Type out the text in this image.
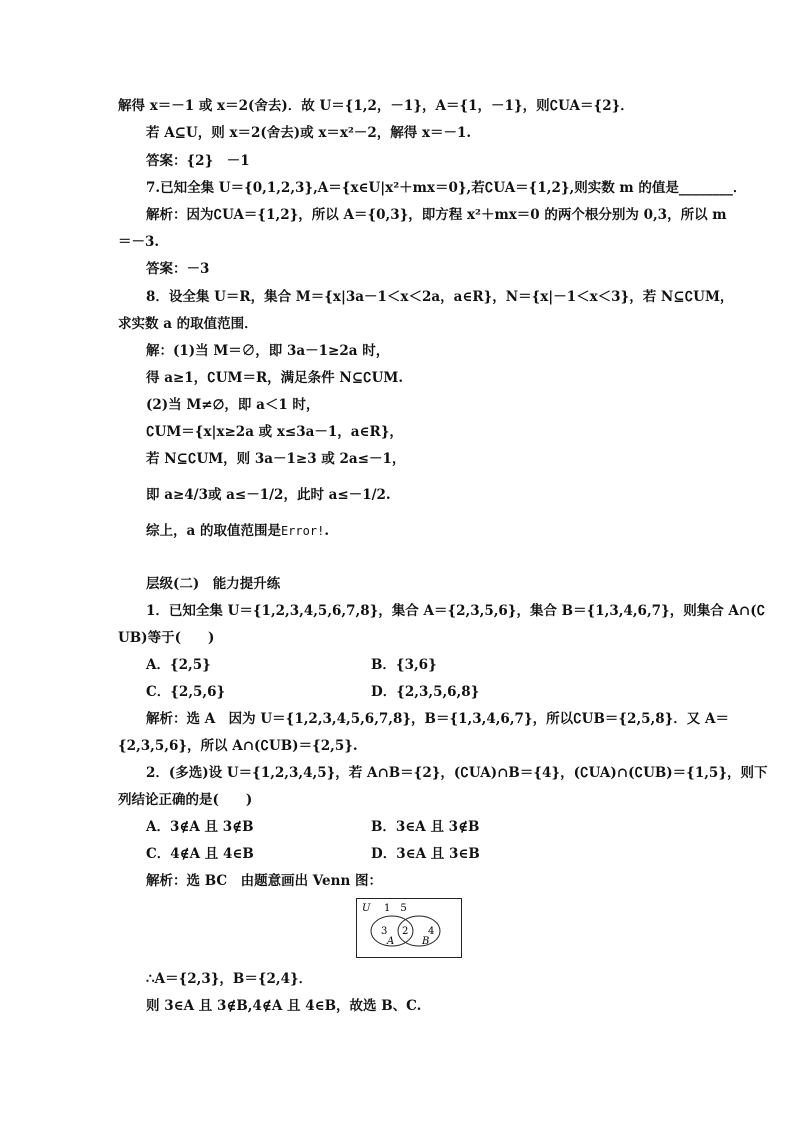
解得 x＝－1 或 x＝2(舍去)．故 U＝{1,2，－1}，A＝{1，－1}，则∁UA＝{2}．
若 A⊆U，则 x＝2(舍去)或 x＝x²－2，解得 x＝－1.
答案：{2}　－1
7.已知全集 U＝{0,1,2,3},A＝{x∈U|x²＋mx＝0},若∁UA＝{1,2},则实数 m 的值是________．
解析：因为∁UA＝{1,2}，所以 A＝{0,3}，即方程 x²＋mx＝0 的两个根分别为 0,3，所以 m
＝－3.
答案：－3
8．设全集 U＝R，集合 M＝{x|3a－1＜x＜2a，a∈R}，N＝{x|－1＜x＜3}，若 N⊆∁UM，
求实数 a 的取值范围．
解：(1)当 M＝∅，即 3a－1≥2a 时，
得 a≥1，∁UM＝R，满足条件 N⊆∁UM.
(2)当 M≠∅，即 a＜1 时，
∁UM＝{x|x≥2a 或 x≤3a－1，a∈R}，
若 N⊆∁UM，则 3a－1≥3 或 2a≤－1，
即 a≥4/3或 a≤－1/2，此时 a≤－1/2.
综上，a 的取值范围是Error!.
层级(二)　能力提升练
1．已知全集 U＝{1,2,3,4,5,6,7,8}，集合 A＝{2,3,5,6}，集合 B＝{1,3,4,6,7}，则集合 A∩(∁
UB)等于(　　)
A．{2,5}	B．{3,6}
C．{2,5,6}	D．{2,3,5,6,8}
解析：选 A　因为 U＝{1,2,3,4,5,6,7,8}，B＝{1,3,4,6,7}，所以∁UB＝{2,5,8}．又 A＝
{2,3,5,6}，所以 A∩(∁UB)＝{2,5}.
2．(多选)设 U＝{1,2,3,4,5}，若 A∩B＝{2}，(∁UA)∩B＝{4}，(∁UA)∩(∁UB)＝{1,5}，则下
列结论正确的是(　　)
A．3∉A 且 3∉B	B．3∈A 且 3∉B
C．4∉A 且 4∈B	D．3∈A 且 3∈B
解析：选 BC　由题意画出 Venn 图：
U 1　5
3 2 4
A	B
∴A＝{2,3}，B＝{2,4}．
则 3∈A 且 3∉B,4∉A 且 4∈B，故选 B、C.
